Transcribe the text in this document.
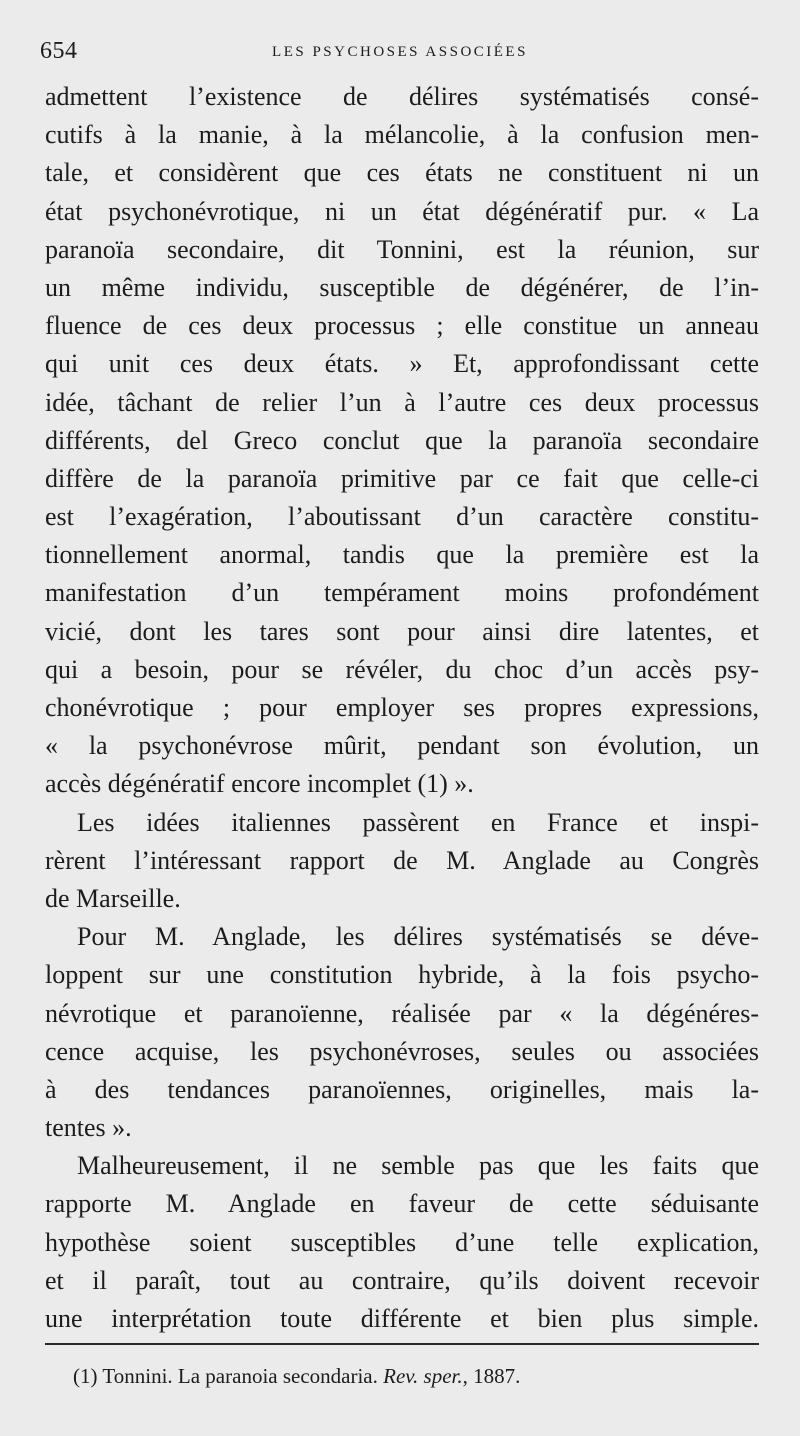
654	LES PSYCHOSES ASSOCIÉES
admettent l’existence de délires systématisés consé-
cutifs à la manie, à la mélancolie, à la confusion men-
tale, et considèrent que ces états ne constituent ni un
état psychonévrotique, ni un état dégénératif pur. « La
paranoïa secondaire, dit Tonnini, est la réunion, sur
un même individu, susceptible de dégénérer, de l’in-
fluence de ces deux processus ; elle constitue un anneau
qui unit ces deux états. » Et, approfondissant cette
idée, tâchant de relier l’un à l’autre ces deux processus
différents, del Greco conclut que la paranoïa secondaire
diffère de la paranoïa primitive par ce fait que celle-ci
est l’exagération, l’aboutissant d’un caractère constitu-
tionnellement anormal, tandis que la première est la
manifestation d’un tempérament moins profondément
vicié, dont les tares sont pour ainsi dire latentes, et
qui a besoin, pour se révéler, du choc d’un accès psy-
chonévrotique ; pour employer ses propres expressions,
« la psychonévrose mûrit, pendant son évolution, un
accès dégénératif encore incomplet (1) ».
Les idées italiennes passèrent en France et inspi-
rèrent l’intéressant rapport de M. Anglade au Congrès
de Marseille.
Pour M. Anglade, les délires systématisés se déve-
loppent sur une constitution hybride, à la fois psycho-
névrotique et paranoïenne, réalisée par « la dégénéres-
cence acquise, les psychonévroses, seules ou associées
à des tendances paranoïennes, originelles, mais la-
tentes ».
Malheureusement, il ne semble pas que les faits que
rapporte M. Anglade en faveur de cette séduisante
hypothèse soient susceptibles d’une telle explication,
et il paraît, tout au contraire, qu’ils doivent recevoir
une interprétation toute différente et bien plus simple.
(1) Tonnini. La paranoia secondaria. Rev. sper., 1887.
